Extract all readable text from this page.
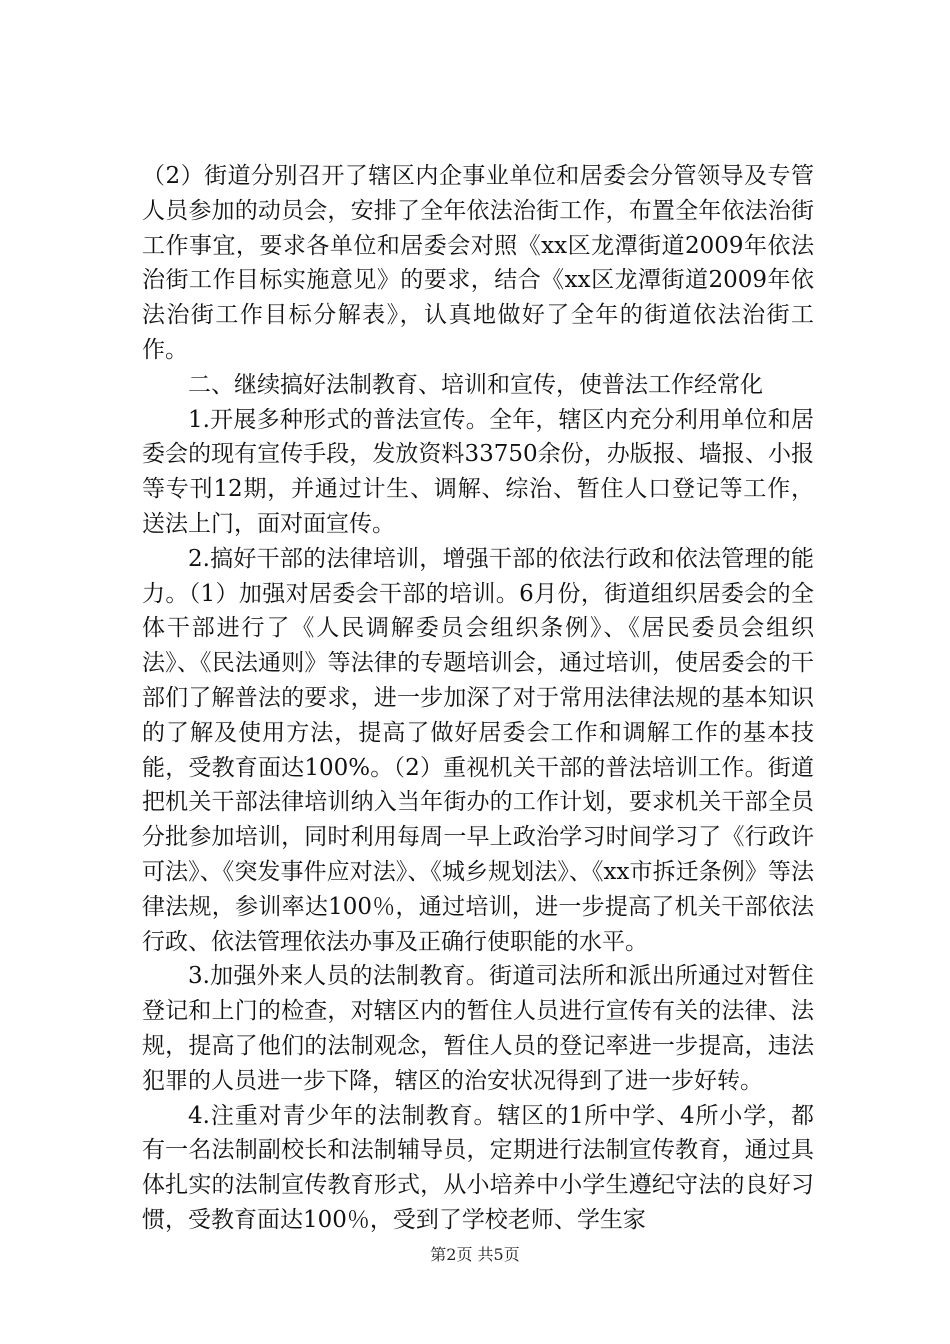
（2）街道分别召开了辖区内企事业单位和居委会分管领导及专管人员参加的动员会，安排了全年依法治街工作，布置全年依法治街工作事宜，要求各单位和居委会对照《xx区龙潭街道2009年依法治街工作目标实施意见》的要求，结合《xx区龙潭街道2009年依法治街工作目标分解表》，认真地做好了全年的街道依法治街工作。

二、继续搞好法制教育、培训和宣传，使普法工作经常化

1.开展多种形式的普法宣传。全年，辖区内充分利用单位和居委会的现有宣传手段，发放资料33750余份，办版报、墙报、小报等专刊12期，并通过计生、调解、综治、暂住人口登记等工作，送法上门，面对面宣传。

2.搞好干部的法律培训，增强干部的依法行政和依法管理的能力。（1）加强对居委会干部的培训。6月份，街道组织居委会的全体干部进行了《人民调解委员会组织条例》、《居民委员会组织法》、《民法通则》等法律的专题培训会，通过培训，使居委会的干部们了解普法的要求，进一步加深了对于常用法律法规的基本知识的了解及使用方法，提高了做好居委会工作和调解工作的基本技能，受教育面达100%。（2）重视机关干部的普法培训工作。街道把机关干部法律培训纳入当年街办的工作计划，要求机关干部全员分批参加培训，同时利用每周一早上政治学习时间学习了《行政许可法》、《突发事件应对法》、《城乡规划法》、《xx市拆迁条例》等法律法规，参训率达100％，通过培训，进一步提高了机关干部依法行政、依法管理依法办事及正确行使职能的水平。

3.加强外来人员的法制教育。街道司法所和派出所通过对暂住登记和上门的检查，对辖区内的暂住人员进行宣传有关的法律、法规，提高了他们的法制观念，暂住人员的登记率进一步提高，违法犯罪的人员进一步下降，辖区的治安状况得到了进一步好转。

4.注重对青少年的法制教育。辖区的1所中学、4所小学，都有一名法制副校长和法制辅导员，定期进行法制宣传教育，通过具体扎实的法制宣传教育形式，从小培养中小学生遵纪守法的良好习惯，受教育面达100％，受到了学校老师、学生家

第2页 共5页
